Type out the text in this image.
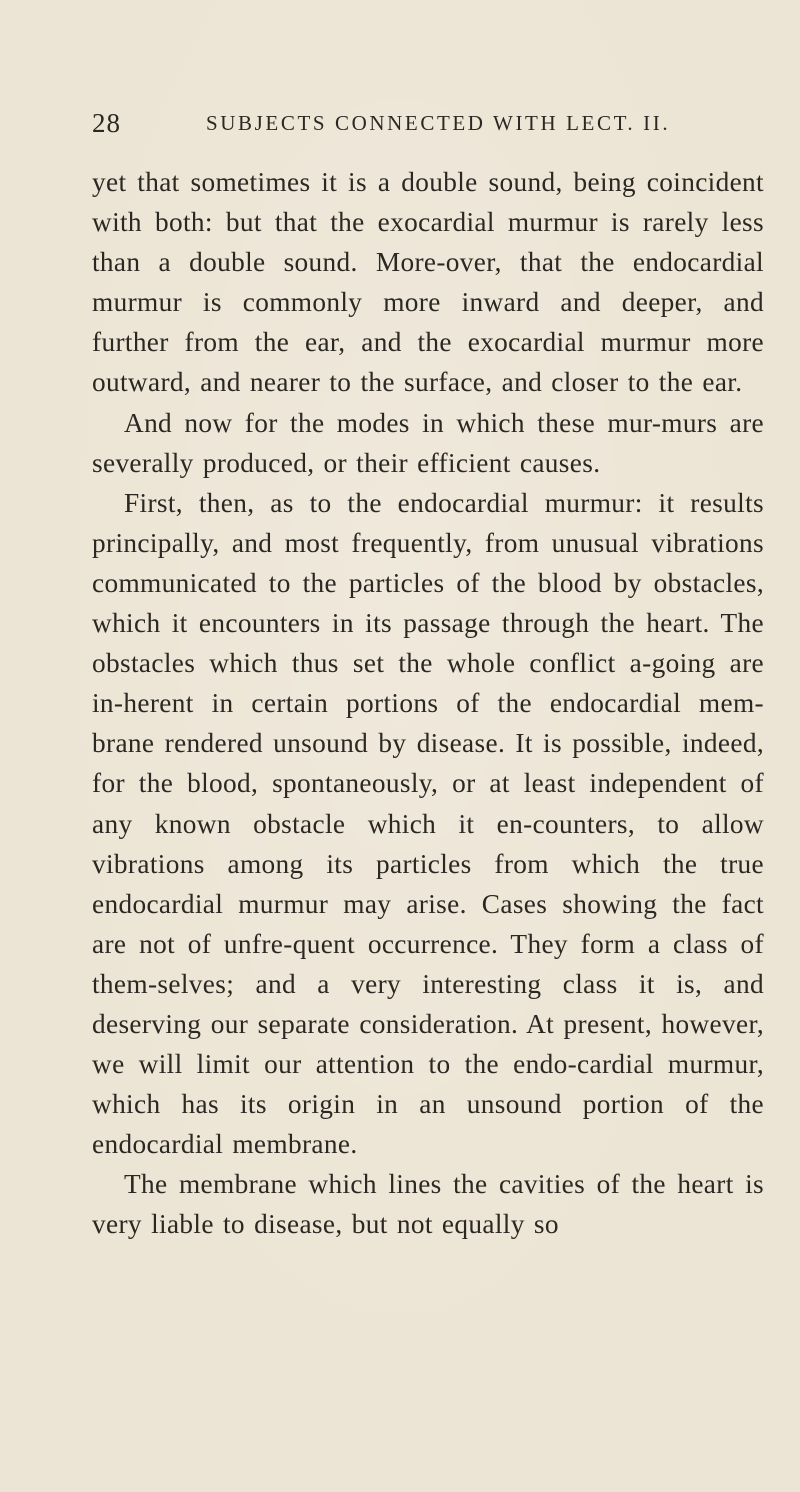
28	SUBJECTS CONNECTED WITH LECT. II.

yet that sometimes it is a double sound, being coincident with both: but that the exocardial murmur is rarely less than a double sound. More-over, that the endocardial murmur is commonly more inward and deeper, and further from the ear, and the exocardial murmur more outward, and nearer to the surface, and closer to the ear.

And now for the modes in which these mur-murs are severally produced, or their efficient causes.

First, then, as to the endocardial murmur: it results principally, and most frequently, from unusual vibrations communicated to the particles of the blood by obstacles, which it encounters in its passage through the heart. The obstacles which thus set the whole conflict a-going are in-herent in certain portions of the endocardial mem-brane rendered unsound by disease. It is possible, indeed, for the blood, spontaneously, or at least independent of any known obstacle which it en-counters, to allow vibrations among its particles from which the true endocardial murmur may arise. Cases showing the fact are not of unfre-quent occurrence. They form a class of them-selves; and a very interesting class it is, and deserving our separate consideration. At present, however, we will limit our attention to the endo-cardial murmur, which has its origin in an unsound portion of the endocardial membrane.

The membrane which lines the cavities of the heart is very liable to disease, but not equally so
